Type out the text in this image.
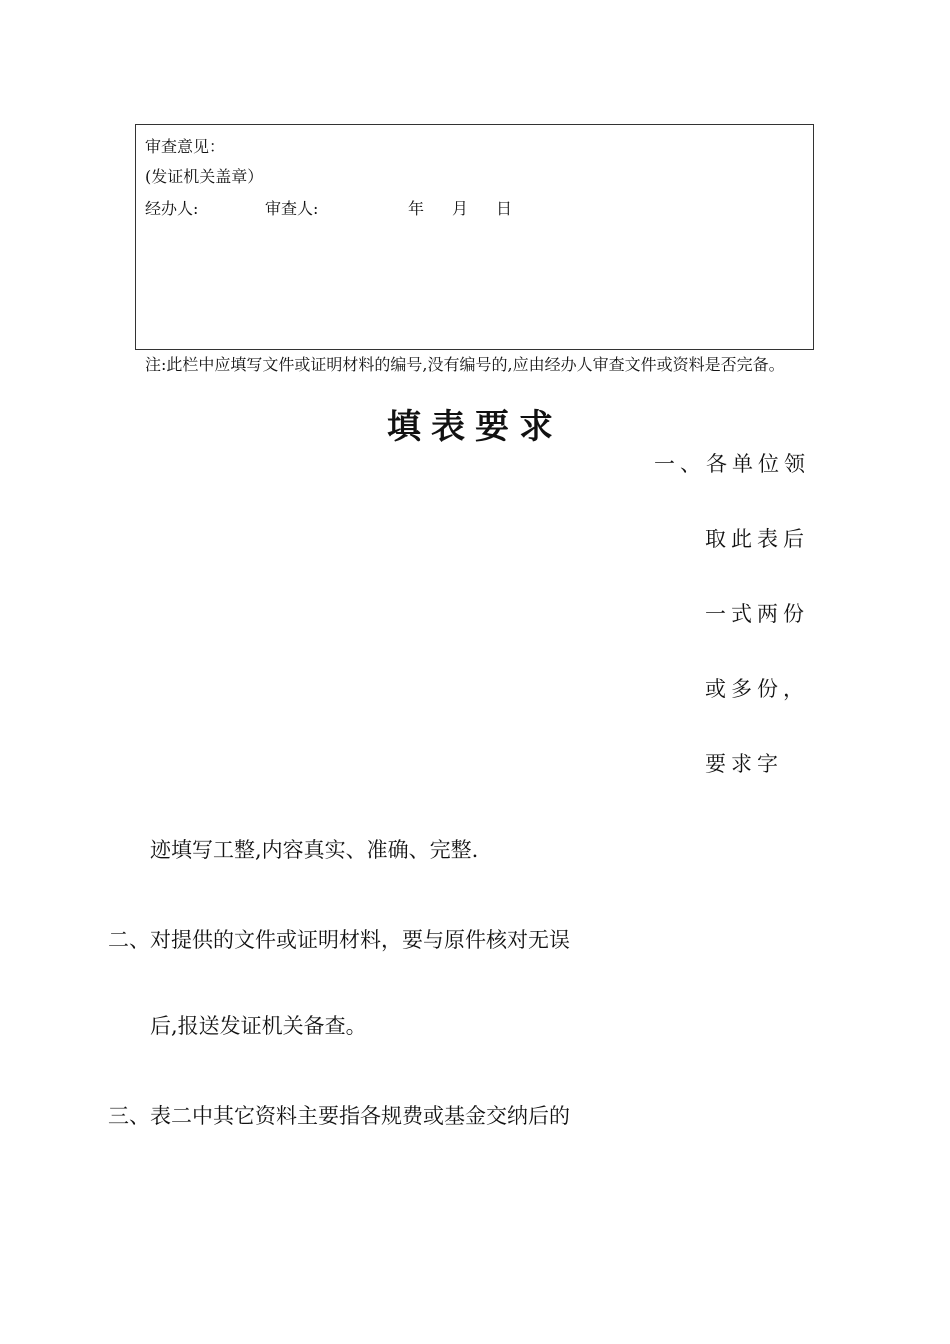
审查意见：
(发证机关盖章）
经办人:	审查人:	年 月 日
注:此栏中应填写文件或证明材料的编号,没有编号的,应由经办人审查文件或资料是否完备。
填表要求
一、各单位领
取此表后
一式两份
或多份，
要求字
迹填写工整,内容真实、准确、完整.
二、对提供的文件或证明材料，要与原件核对无误
后,报送发证机关备查。
三、表二中其它资料主要指各规费或基金交纳后的
